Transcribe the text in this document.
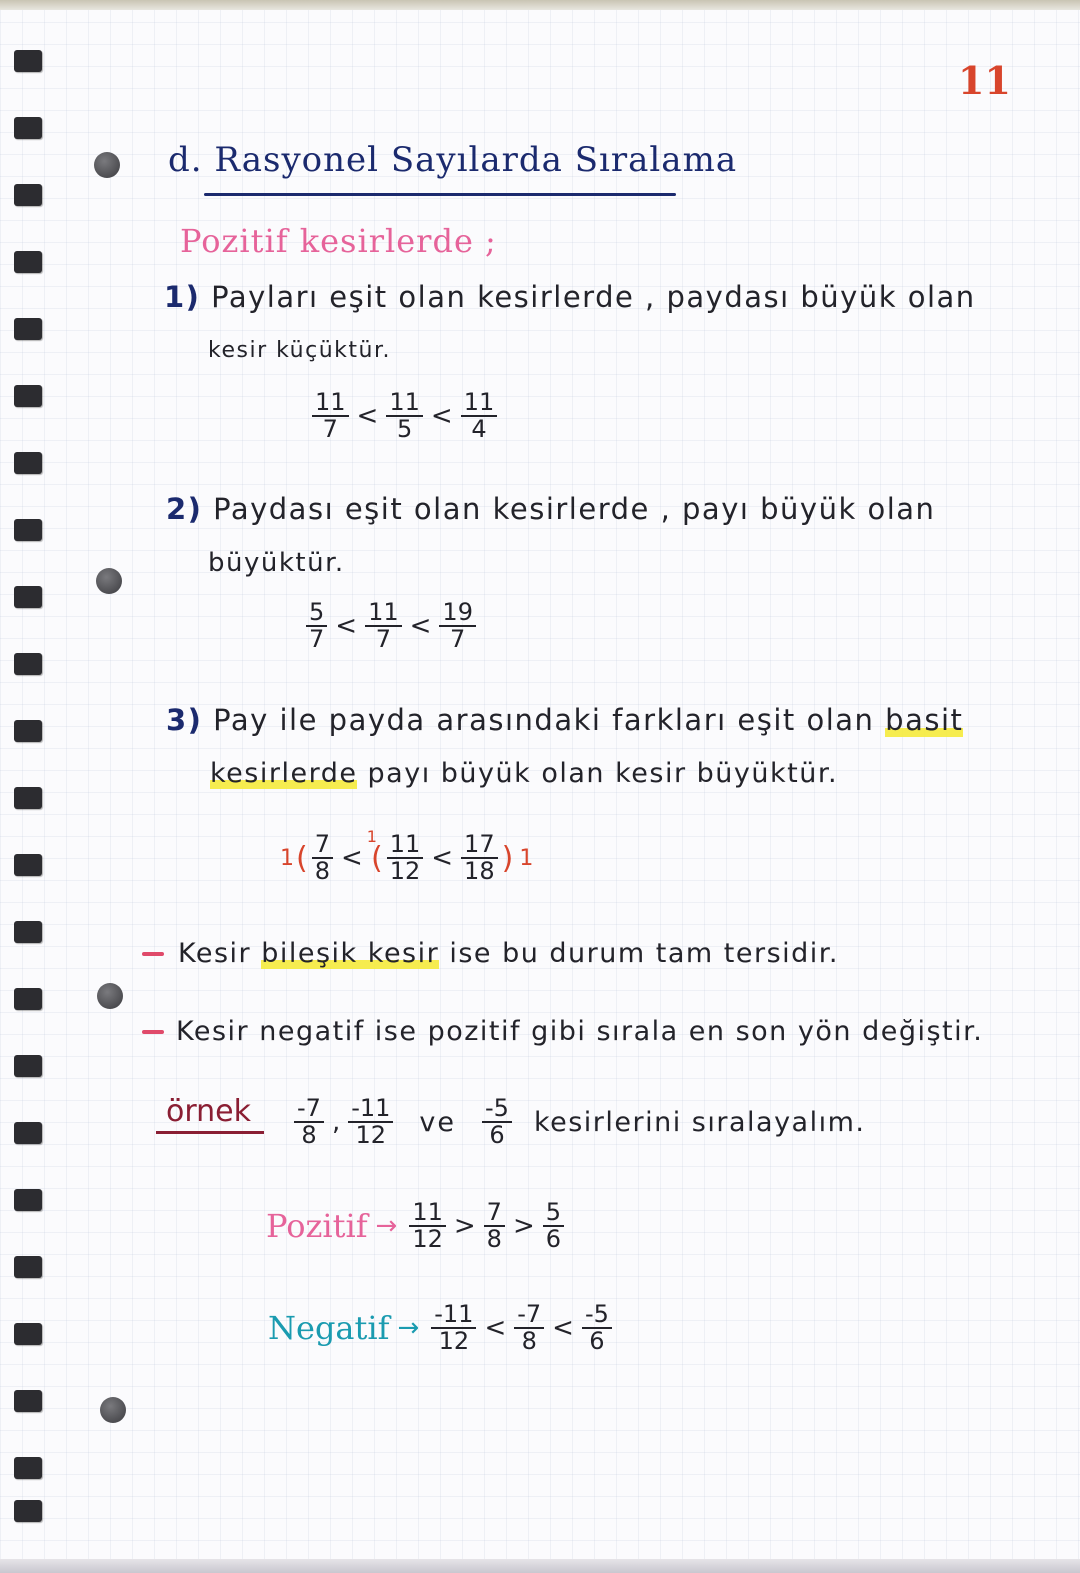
11
d. Rasyonel Sayılarda Sıralama
Pozitif kesirlerde ;
1) Payları eşit olan kesirlerde , paydası büyük olan
kesir küçüktür.
$\frac{11}{7} < \frac{11}{5} < \frac{11}{4}$
2) Paydası eşit olan kesirlerde , payı büyük olan
büyüktür.
$\frac{5}{7} < \frac{11}{7} < \frac{19}{7}$
3) Pay ile payda arasındaki farkları eşit olan basit
kesirlerde payı büyük olan kesir büyüktür.
1 ( $\frac{7}{8}$ <
1
( $\frac{11}{12} < \frac{17}{18}$ ) 1
Kesir bileşik kesir ise bu durum tam tersidir.
Kesir negatif ise pozitif gibi sırala en son yön değiştir.
örnek $\frac{-7}{8}$ , $\frac{-11}{12}$ ve $\frac{-5}{6}$ kesirlerini sıralayalım.
Pozitif → $\frac{11}{12} > \frac{7}{8} > \frac{5}{6}$
Negatif → $\frac{-11}{12} < \frac{-7}{8} < \frac{-5}{6}$
